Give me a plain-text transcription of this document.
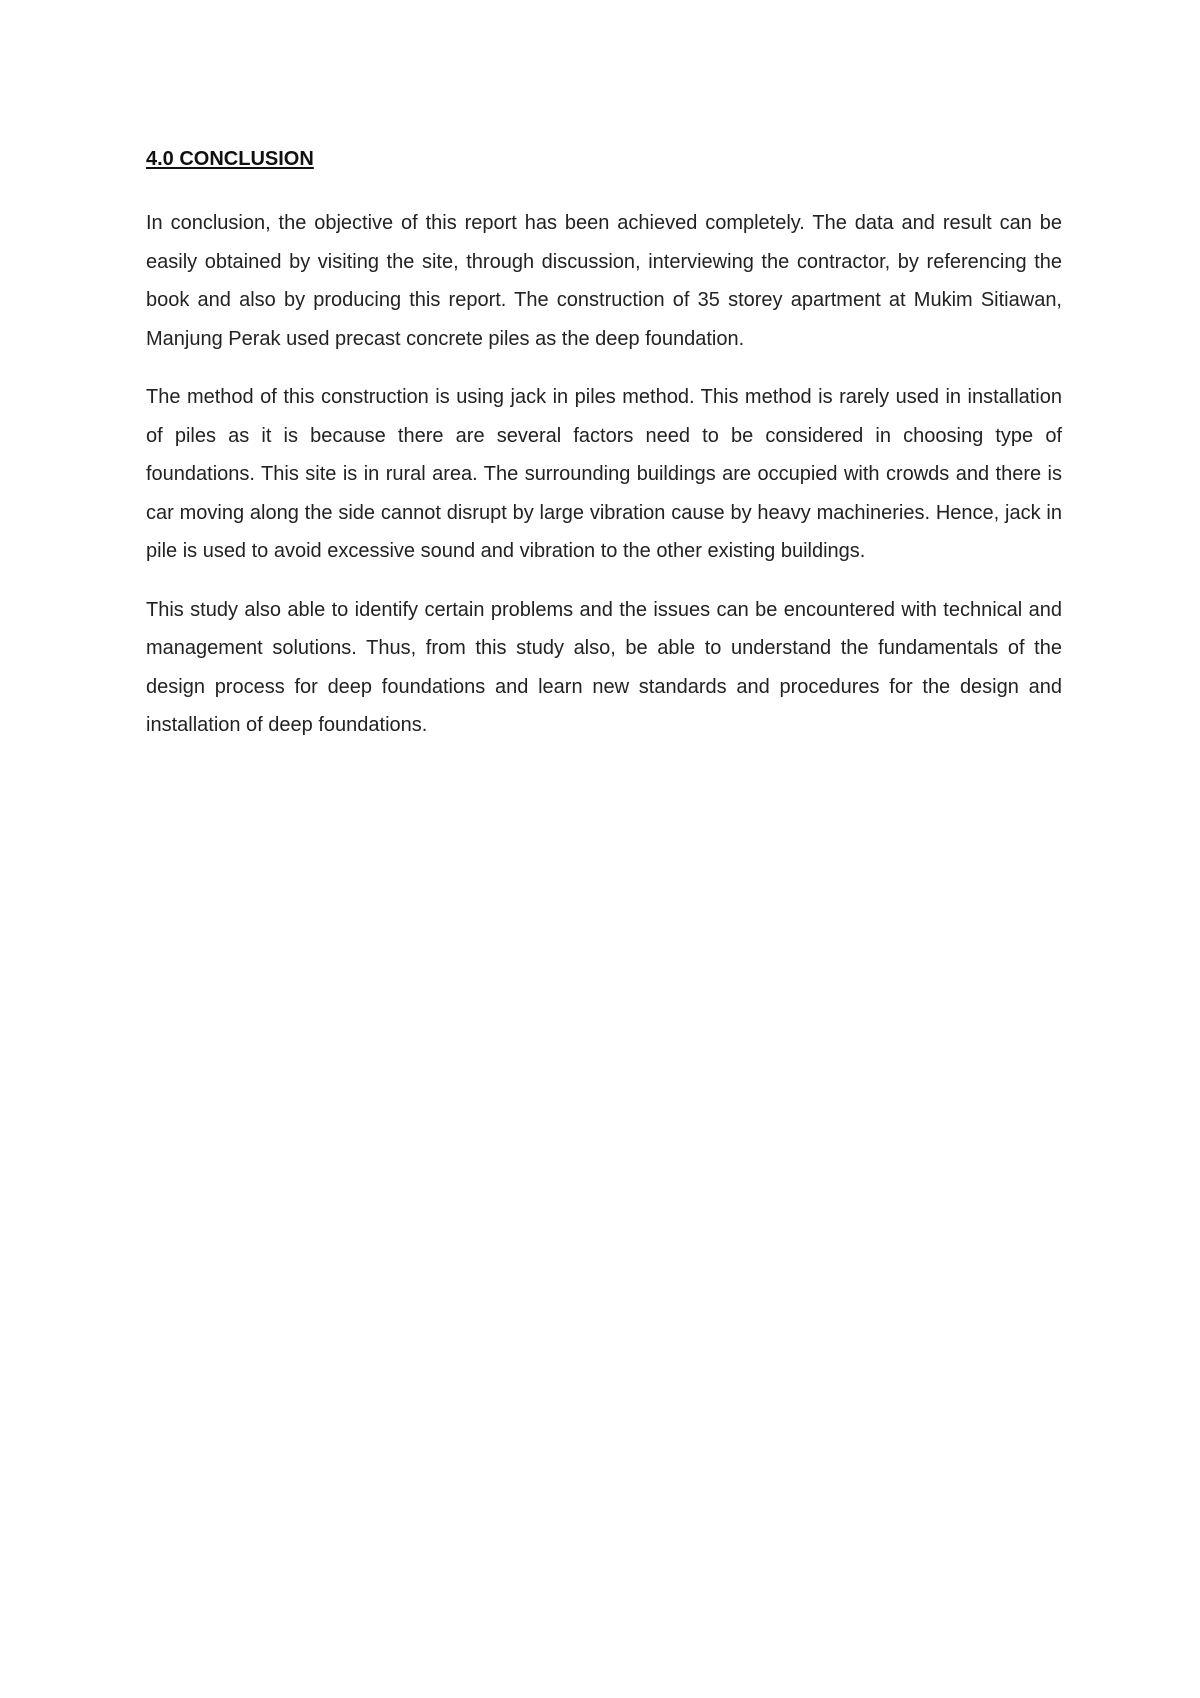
4.0 CONCLUSION

In conclusion, the objective of this report has been achieved completely. The data and result can be easily obtained by visiting the site, through discussion, interviewing the contractor, by referencing the book and also by producing this report. The construction of 35 storey apartment at Mukim Sitiawan, Manjung Perak used precast concrete piles as the deep foundation.

The method of this construction is using jack in piles method. This method is rarely used in installation of piles as it is because there are several factors need to be considered in choosing type of foundations. This site is in rural area. The surrounding buildings are occupied with crowds and there is car moving along the side cannot disrupt by large vibration cause by heavy machineries. Hence, jack in pile is used to avoid excessive sound and vibration to the other existing buildings.

This study also able to identify certain problems and the issues can be encountered with technical and management solutions. Thus, from this study also, be able to understand the fundamentals of the design process for deep foundations and learn new standards and procedures for the design and installation of deep foundations.
